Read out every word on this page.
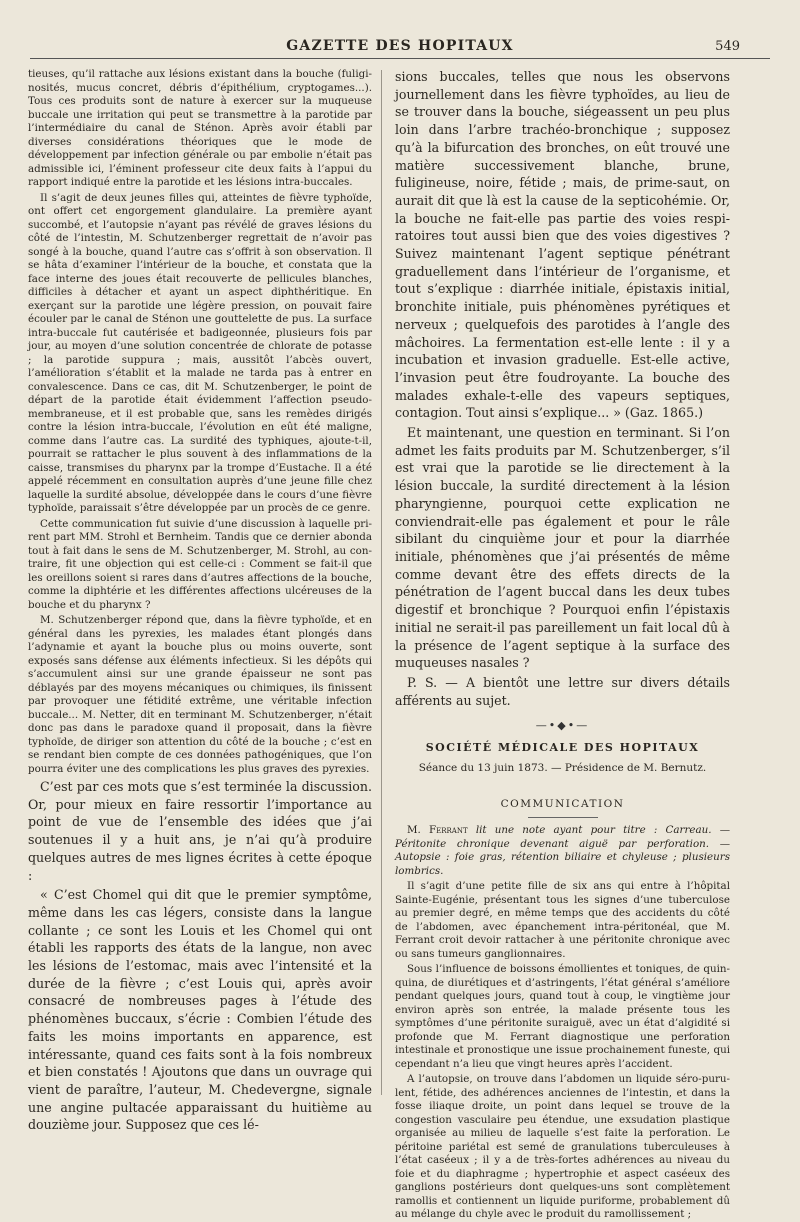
GAZETTE DES HOPITAUX	549

tieuses, qu’il rattache aux lésions existant dans la bouche (fuliginosités, mucus concret, débris d’épithélium, cryptogames...). Tous ces produits sont de nature à exercer sur la muqueuse buccale une irritation qui peut se transmettre à la parotide par l’intermédiaire du canal de Sténon. Après avoir établi par diverses considérations théoriques que le mode de développement par infection générale ou par embolie n’était pas admissible ici, l’éminent professeur cite deux faits à l’appui du rapport indiqué entre la parotide et les lésions intra-buccales.

Il s’agit de deux jeunes filles qui, atteintes de fièvre typhoïde, ont offert cet engorgement glandulaire. La première ayant succombé, et l’autopsie n’ayant pas révélé de graves lésions du côté de l’intestin, M. Schutzenberger regrettait de n’avoir pas songé à la bouche, quand l’autre cas s’offrit à son observation. Il se hâta d’examiner l’intérieur de la bouche, et constata que la face interne des joues était recouverte de pellicules blanches, difficiles à détacher et ayant un aspect diphthéritique. En exerçant sur la parotide une légère pression, on pouvait faire écouler par le canal de Sténon une gouttelette de pus. La surface intra-buccale fut cautérisée et badigeonnée, plusieurs fois par jour, au moyen d’une solution concentrée de chlorate de potasse ; la parotide suppura ; mais, aussitôt l’abcès ouvert, l’amélioration s’établit et la malade ne tarda pas à entrer en convalescence. Dans ce cas, dit M. Schutzenberger, le point de départ de la parotide était évidemment l’affection pseudo-membraneuse, et il est probable que, sans les remèdes dirigés contre la lésion intra-buccale, l’évolution en eût été maligne, comme dans l’autre cas. La surdité des typhiques, ajoute-t-il, pourrait se rattacher le plus souvent à des inflammations de la caisse, transmises du pharynx par la trompe d’Eustache. Il a été appelé récemment en consultation auprès d’une jeune fille chez laquelle la surdité absolue, développée dans le cours d’une fièvre typhoïde, paraissait s’être développée par un procès de ce genre.

Cette communication fut suivie d’une discussion à laquelle prirent part MM. Strohl et Bernheim. Tandis que ce dernier abonda tout à fait dans le sens de M. Schutzenberger, M. Strohl, au contraire, fit une objection qui est celle-ci : Comment se fait-il que les oreillons soient si rares dans d’autres affections de la bouche, comme la diphtérie et les différentes affections ulcéreuses de la bouche et du pharynx ?

M. Schutzenberger répond que, dans la fièvre typhoïde, et en général dans les pyrexies, les malades étant plongés dans l’adynamie et ayant la bouche plus ou moins ouverte, sont exposés sans défense aux éléments infectieux. Si les dépôts qui s’accumulent ainsi sur une grande épaisseur ne sont pas déblayés par des moyens mécaniques ou chimiques, ils finissent par provoquer une fétidité extrême, une véritable infection buccale... M. Netter, dit en terminant M. Schutzenberger, n’était donc pas dans le paradoxe quand il proposait, dans la fièvre typhoïde, de diriger son attention du côté de la bouche ; c’est en se rendant bien compte de ces données pathogéniques, que l’on pourra éviter une des complications les plus graves des pyrexies.

C’est par ces mots que s’est terminée la discussion. Or, pour mieux en faire ressortir l’importance au point de vue de l’ensemble des idées que j’ai soutenues il y a huit ans, je n’ai qu’à produire quelques autres de mes lignes écrites à cette époque :

« C’est Chomel qui dit que le premier symptôme, même dans les cas légers, consiste dans la langue collante ; ce sont les Louis et les Chomel qui ont établi les rapports des états de la langue, non avec les lésions de l’estomac, mais avec l’intensité et la durée de la fièvre ; c’est Louis qui, après avoir consacré de nombreuses pages à l’étude des phénomènes buccaux, s’écrie : Combien l’étude des faits les moins importants en apparence, est intéressante, quand ces faits sont à la fois nombreux et bien constatés ! Ajoutons que dans un ouvrage qui vient de paraître, l’auteur, M. Chedevergne, signale une angine pultacée apparaissant du huitième au douzième jour. Supposez que ces lé-

sions buccales, telles que nous les observons journellement dans les fièvre typhoïdes, au lieu de se trouver dans la bouche, siégeassent un peu plus loin dans l’arbre trachéo-bronchique ; supposez qu’à la bifurcation des bronches, on eût trouvé une matière successivement blanche, brune, fuligineuse, noire, fétide ; mais, de prime-saut, on aurait dit que là est la cause de la septicohémie. Or, la bouche ne fait-elle pas partie des voies respiratoires tout aussi bien que des voies digestives ? Suivez maintenant l’agent septique pénétrant graduellement dans l’intérieur de l’organisme, et tout s’explique : diarrhée initiale, épistaxis initial, bronchite initiale, puis phénomènes pyrétiques et nerveux ; quelquefois des parotides à l’angle des mâchoires. La fermentation est-elle lente : il y a incubation et invasion graduelle. Est-elle active, l’invasion peut être foudroyante. La bouche des malades exhale-t-elle des vapeurs septiques, contagion. Tout ainsi s’explique... » (Gaz. 1865.)

Et maintenant, une question en terminant. Si l’on admet les faits produits par M. Schutzenberger, s’il est vrai que la parotide se lie directement à la lésion buccale, la surdité directement à la lésion pharyngienne, pourquoi cette explication ne conviendrait-elle pas également et pour le râle sibilant du cinquième jour et pour la diarrhée initiale, phénomènes que j’ai présentés de même comme devant être des effets directs de la pénétration de l’agent buccal dans les deux tubes digestif et bronchique ? Pourquoi enfin l’épistaxis initial ne serait-il pas pareillement un fait local dû à la présence de l’agent septique à la surface des muqueuses nasales ?

P. S. — A bientôt une lettre sur divers détails afférents au sujet.

—•◆•—
SOCIÉTÉ MÉDICALE DES HOPITAUX
Séance du 13 juin 1873. — Présidence de M. Bernutz.
COMMUNICATION

M. Ferrant lit une note ayant pour titre : Carreau. — Péritonite chronique devenant aiguë par perforation. — Autopsie : foie gras, rétention biliaire et chyleuse ; plusieurs lombrics.

Il s’agit d’une petite fille de six ans qui entre à l’hôpital Sainte-Eugénie, présentant tous les signes d’une tuberculose au premier degré, en même temps que des accidents du côté de l’abdomen, avec épanchement intra-péritonéal, que M. Ferrant croit devoir rattacher à une péritonite chronique avec ou sans tumeurs ganglionnaires.

Sous l’influence de boissons émollientes et toniques, de quinquina, de diurétiques et d’astringents, l’état général s’améliore pendant quelques jours, quand tout à coup, le vingtième jour environ après son entrée, la malade présente tous les symptômes d’une péritonite suraiguë, avec un état d’algidité si profonde que M. Ferrant diagnostique une perforation intestinale et pronostique une issue prochainement funeste, qui cependant n’a lieu que vingt heures après l’accident.

A l’autopsie, on trouve dans l’abdomen un liquide séro-purulent, fétide, des adhérences anciennes de l’intestin, et dans la fosse iliaque droite, un point dans lequel se trouve de la congestion vasculaire peu étendue, une exsudation plastique organisée au milieu de laquelle s’est faite la perforation. Le péritoine pariétal est semé de granulations tuberculeuses à l’état caséeux ; il y a de très-fortes adhérences au niveau du foie et du diaphragme ; hypertrophie et aspect caséeux des ganglions postérieurs dont quelques-uns sont complètement ramollis et contiennent un liquide puriforme, probablement dû au mélange du chyle avec le produit du ramollissement ;
